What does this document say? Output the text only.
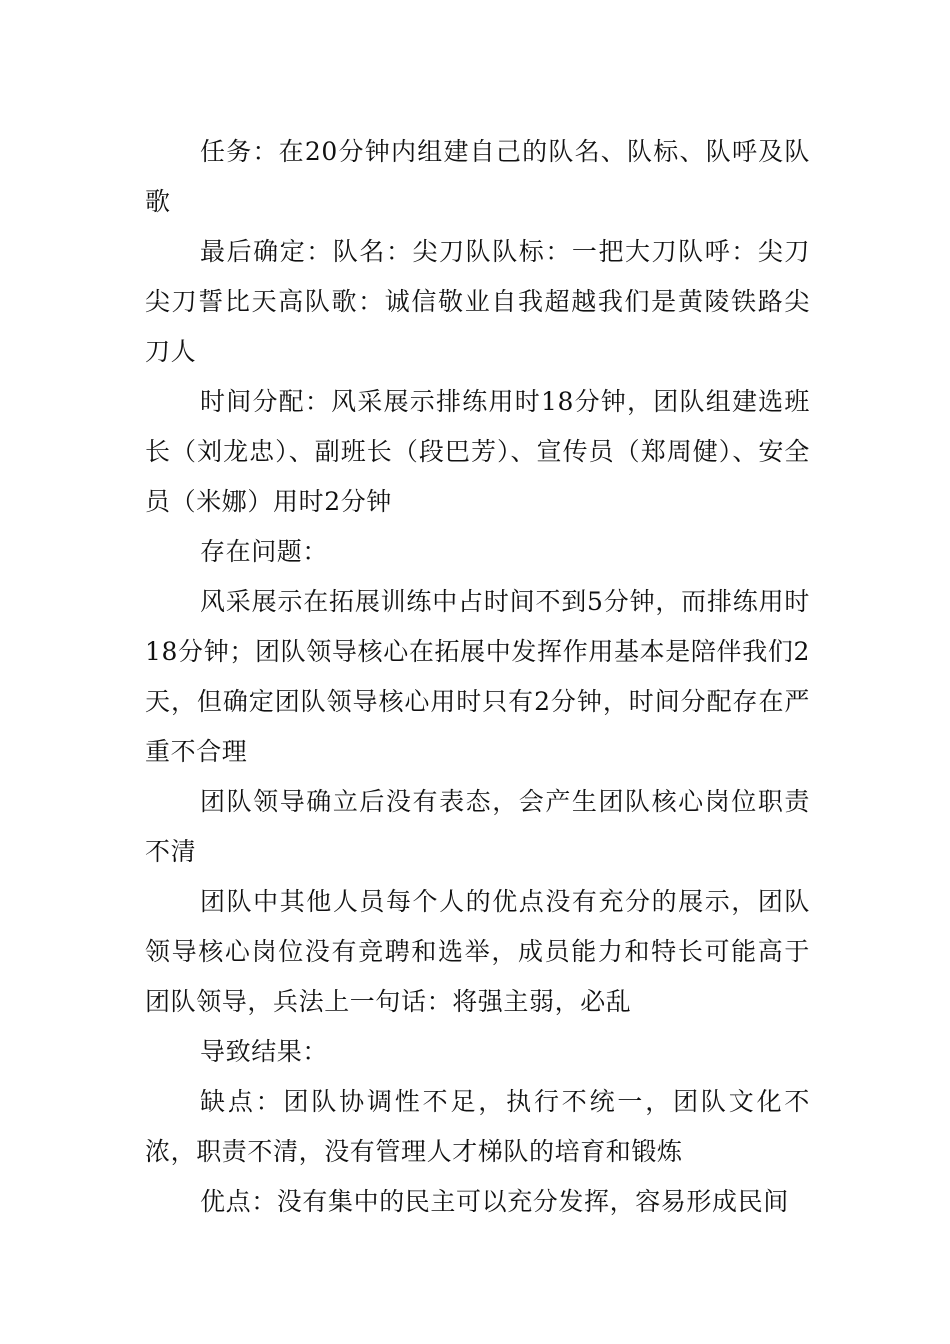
任务：在20分钟内组建自己的队名、队标、队呼及队歌

最后确定：队名：尖刀队队标：一把大刀队呼：尖刀尖刀誓比天高队歌：诚信敬业自我超越我们是黄陵铁路尖刀人

时间分配：风采展示排练用时18分钟，团队组建选班长（刘龙忠）、副班长（段巴芳）、宣传员（郑周健）、安全员（米娜）用时2分钟

存在问题：

风采展示在拓展训练中占时间不到5分钟，而排练用时18分钟；团队领导核心在拓展中发挥作用基本是陪伴我们2天，但确定团队领导核心用时只有2分钟，时间分配存在严重不合理

团队领导确立后没有表态，会产生团队核心岗位职责不清

团队中其他人员每个人的优点没有充分的展示，团队领导核心岗位没有竞聘和选举，成员能力和特长可能高于团队领导，兵法上一句话：将强主弱，必乱

导致结果：

缺点：团队协调性不足，执行不统一，团队文化不浓，职责不清，没有管理人才梯队的培育和锻炼

优点：没有集中的民主可以充分发挥，容易形成民间
